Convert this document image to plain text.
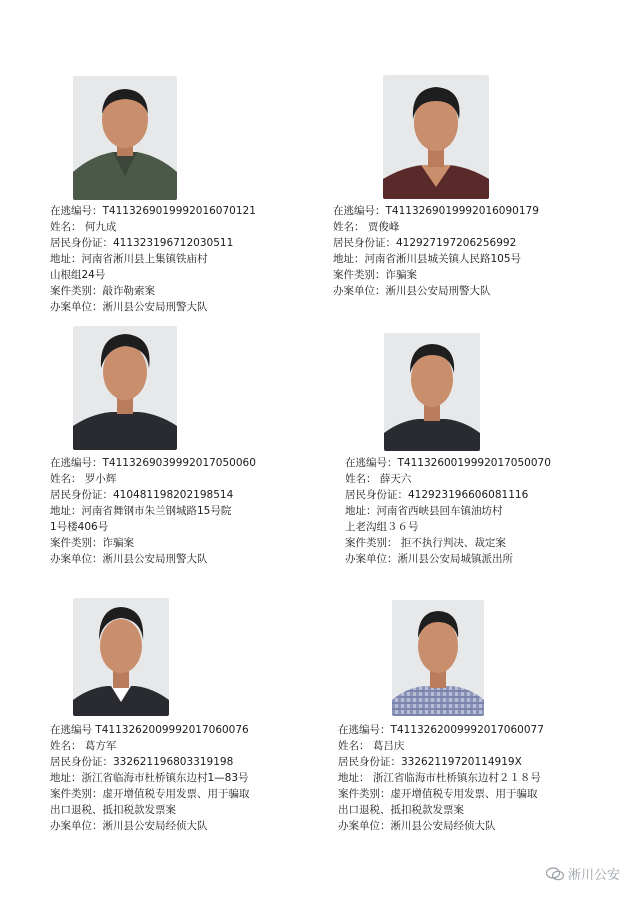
在逃编号：T4113269019992016070121
姓名： 何九成
居民身份证：411323196712030511
地址：河南省淅川县上集镇铁庙村
山根组24号
案件类别：敲诈勒索案
办案单位：淅川县公安局刑警大队
在逃编号：T4113269019992016090179
姓名： 贾俊峰
居民身份证：412927197206256992
地址：河南省淅川县城关镇人民路105号
案件类别：诈骗案
办案单位：淅川县公安局刑警大队
在逃编号：T4113269039992017050060
姓名： 罗小辉
居民身份证：410481198202198514
地址：河南省舞钢市朱兰钢城路15号院
1号楼406号
案件类别：诈骗案
办案单位：淅川县公安局刑警大队
在逃编号：T4113260019992017050070
姓名： 薛天六
居民身份证：412923196606081116
地址：河南省西峡县回车镇油坊村
上老沟组３６号
案件类别： 拒不执行判决、裁定案
办案单位：淅川县公安局城镇派出所
在逃编号 T4113262009992017060076
姓名： 葛方军
居民身份证：332621196803319198
地址：浙江省临海市杜桥镇东边村1—83号
案件类别：虚开增值税专用发票、用于骗取
出口退税、抵扣税款发票案
办案单位：淅川县公安局经侦大队
在逃编号：T4113262009992017060077
姓名： 葛吕庆
居民身份证：33262119720114919X
地址： 浙江省临海市杜桥镇东边村２１８号
案件类别：虚开增值税专用发票、用于骗取
出口退税、抵扣税款发票案
办案单位：淅川县公安局经侦大队
淅川公安
